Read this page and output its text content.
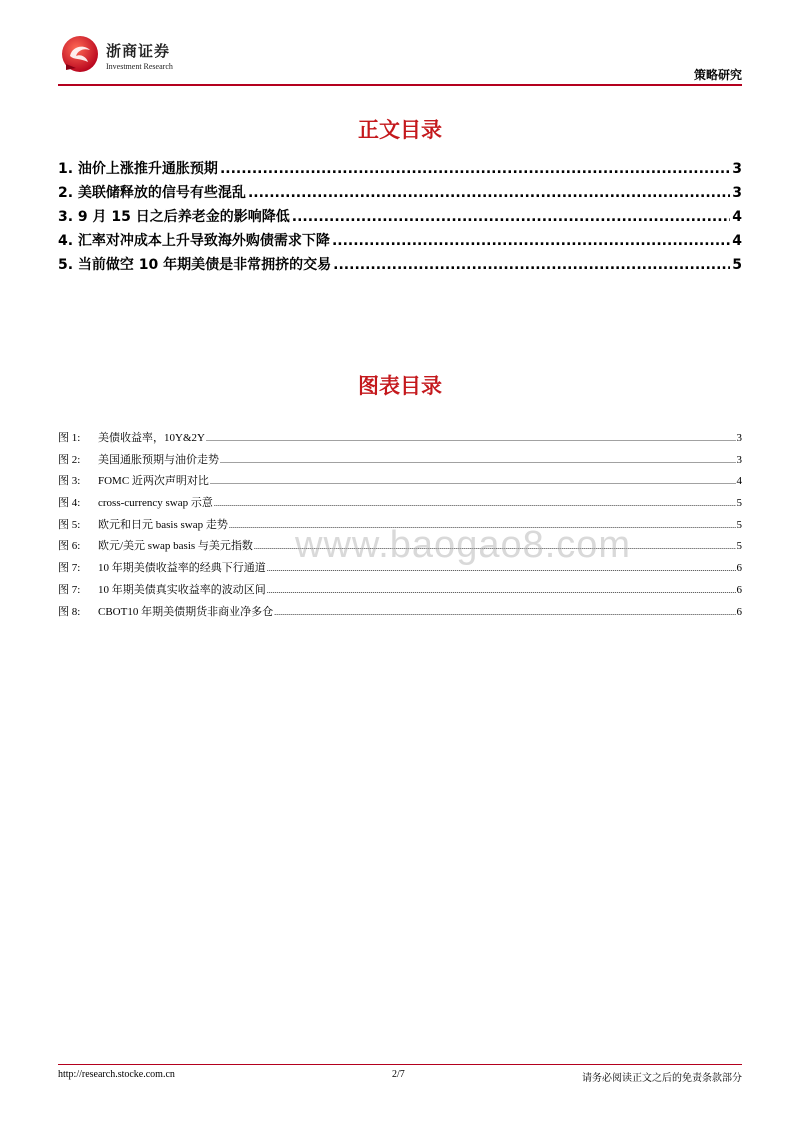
浙商证券
Investment Research
策略研究
正文目录
1. 油价上涨推升通胀预期 .....	3
2. 美联储释放的信号有些混乱 .....	3
3. 9 月 15 日之后养老金的影响降低 .....	4
4. 汇率对冲成本上升导致海外购债需求下降 .....	4
5. 当前做空 10 年期美债是非常拥挤的交易 .....	5
图表目录
图 1:	美债收益率，10Y&2Y .....	3
图 2:	美国通胀预期与油价走势 .....	3
图 3:	FOMC 近两次声明对比 .....	4
图 4:	cross-currency swap 示意 .....	5
图 5:	欧元和日元 basis swap 走势 .....	5
图 6:	欧元/美元 swap basis 与美元指数 .....	5
图 7:	10 年期美债收益率的经典下行通道 .....	6
图 7:	10 年期美债真实收益率的波动区间 .....	6
图 8:	CBOT10 年期美债期货非商业净多仓 .....	6
www.baogao8.com
http://research.stocke.com.cn	2/7	请务必阅读正文之后的免责条款部分
